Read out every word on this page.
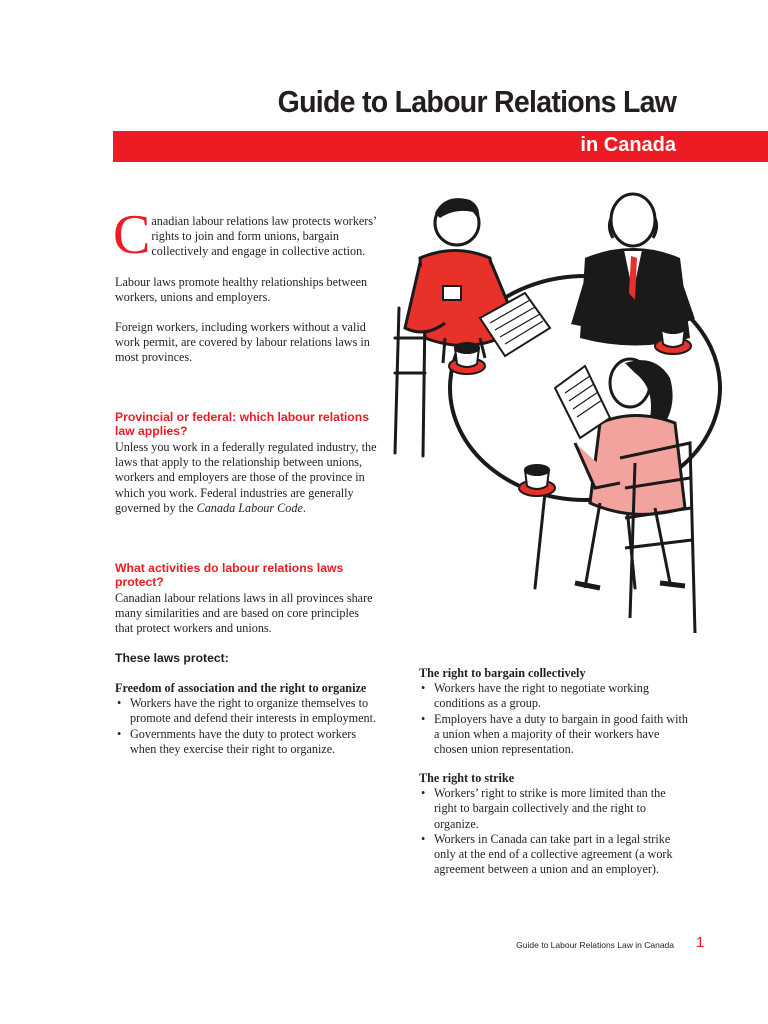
Guide to Labour Relations Law
in Canada

Canadian labour relations law protects workers’ rights to join and form unions, bargain collectively and engage in collective action.

Labour laws promote healthy relationships between workers, unions and employers.

Foreign workers, including workers without a valid work permit, are covered by labour relations laws in most provinces.

Provincial or federal: which labour relations law applies?

Unless you work in a federally regulated industry, the laws that apply to the relationship between unions, workers and employers are those of the province in which you work. Federal industries are generally governed by the Canada Labour Code.

What activities do labour relations laws protect?

Canadian labour relations laws in all provinces share many similarities and are based on core principles that protect workers and unions.

These laws protect:
Freedom of association and the right to organize
• Workers have the right to organize themselves to promote and defend their interests in employment.
• Governments have the duty to protect workers when they exercise their right to organize.
The right to bargain collectively
• Workers have the right to negotiate working conditions as a group.
• Employers have a duty to bargain in good faith with a union when a majority of their workers have chosen union representation.
The right to strike
• Workers’ right to strike is more limited than the right to bargain collectively and the right to organize.
• Workers in Canada can take part in a legal strike only at the end of a collective agreement (a work agreement between a union and an employer).
Guide to Labour Relations Law in Canada 1
